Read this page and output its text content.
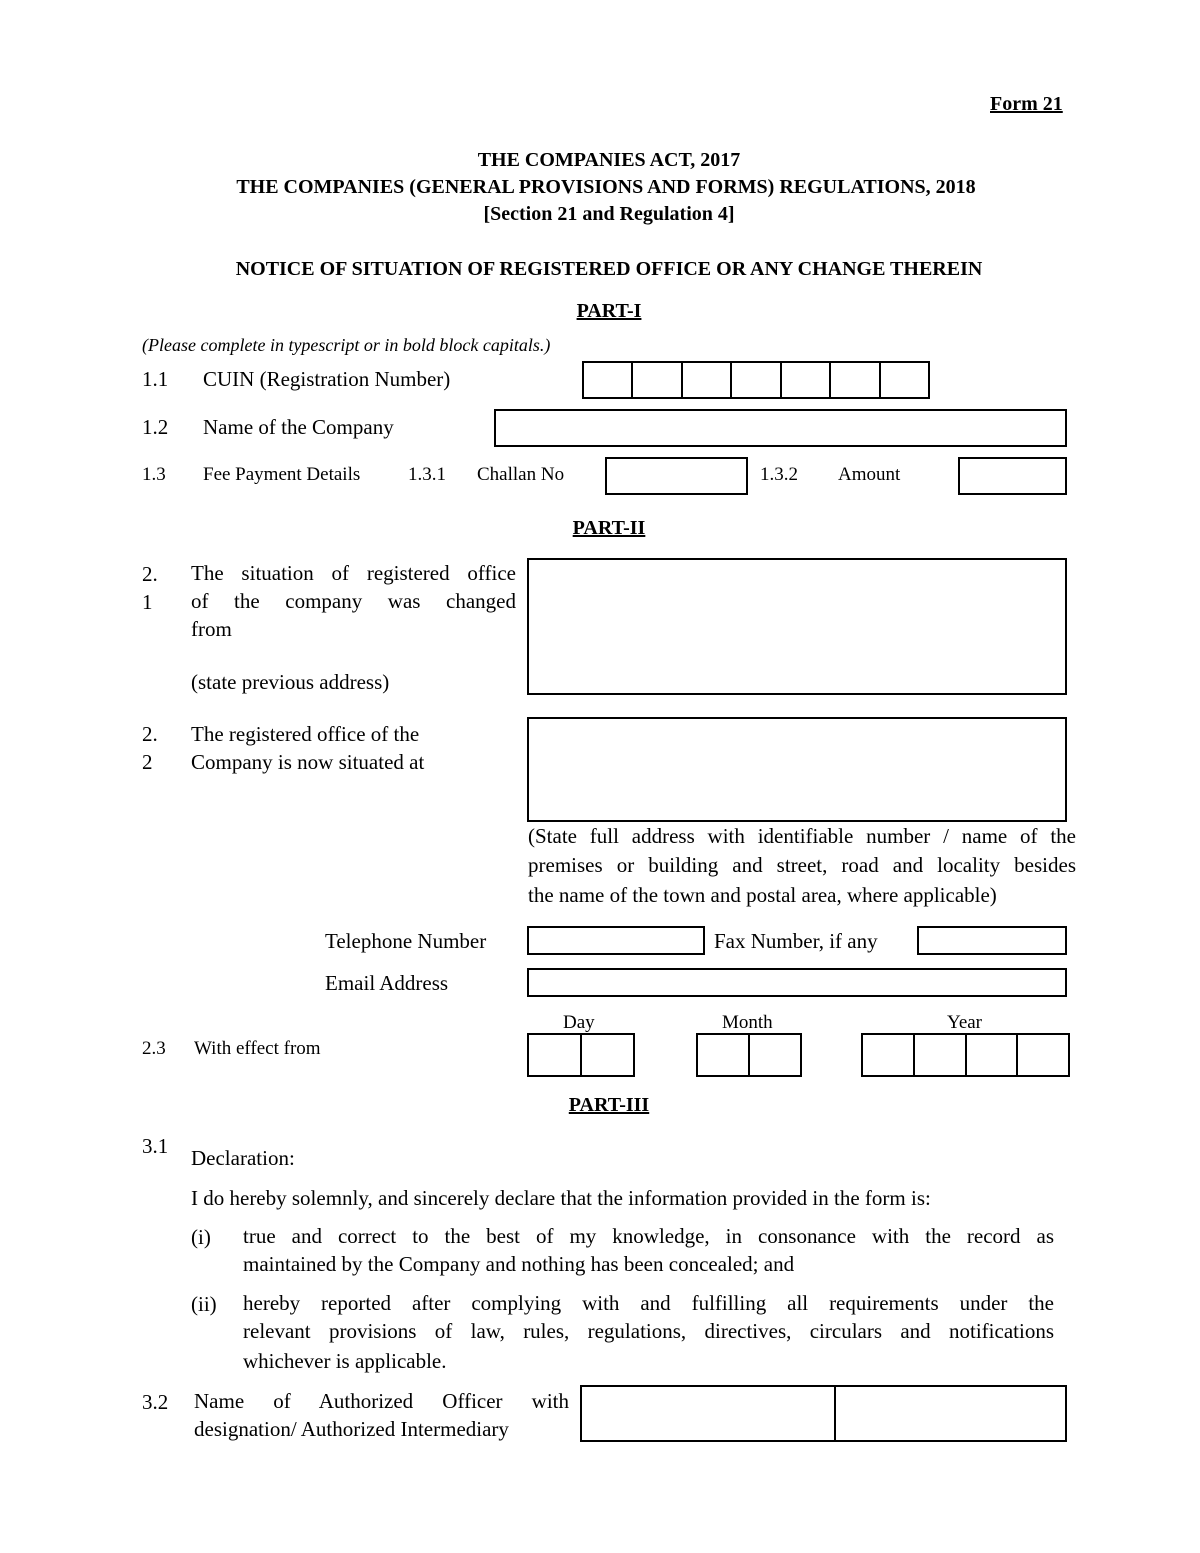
Form 21
THE COMPANIES ACT, 2017
THE COMPANIES (GENERAL PROVISIONS AND FORMS) REGULATIONS, 2018
[Section 21 and Regulation 4]
NOTICE OF SITUATION OF REGISTERED OFFICE OR ANY CHANGE THEREIN
PART-I
(Please complete in typescript or in bold block capitals.)
1.1 CUIN (Registration Number)
1.2 Name of the Company
1.3 Fee Payment Details	1.3.1 Challan No	1.3.2 Amount
PART-II
2.
1
The situation of registered office
of the company was changed
from
(state previous address)
2.
2
The registered office of the
Company is now situated at
(State full address with identifiable number / name of the
premises or building and street, road and locality besides
the name of the town and postal area, where applicable)
Telephone Number	Fax Number, if any
Email Address
Day	Month	Year
2.3 With effect from
PART-III
3.1 Declaration:
I do hereby solemnly, and sincerely declare that the information provided in the form is:
(i) true and correct to the best of my knowledge, in consonance with the record as
maintained by the Company and nothing has been concealed; and
(ii) hereby reported after complying with and fulfilling all requirements under the
relevant provisions of law, rules, regulations, directives, circulars and notifications
whichever is applicable.
3.2 Name of Authorized Officer with
designation/ Authorized Intermediary
